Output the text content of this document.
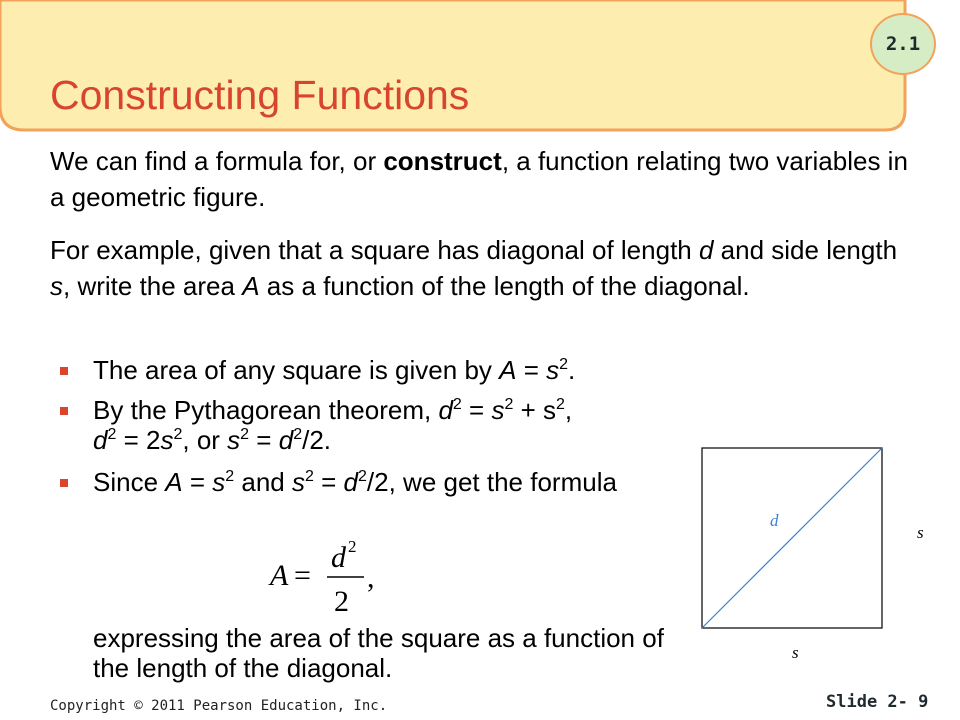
2.1
Constructing Functions

We can find a formula for, or construct, a function relating two variables in a geometric figure.

For example, given that a square has diagonal of length d and side length s, write the area A as a function of the length of the diagonal.

The area of any square is given by $A = s^2$.
By the Pythagorean theorem, $d^2 = s^2 + s^2$,
$d^2 = 2s^2$, or $s^2 = d^2/2$.
Since $A = s^2$ and $s^2 = d^2/2$, we get the formula
A =
d 2
2
,
expressing the area of the square as a function of the length of the diagonal.
d
s
s
Copyright © 2011 Pearson Education, Inc.	Slide 2- 9
